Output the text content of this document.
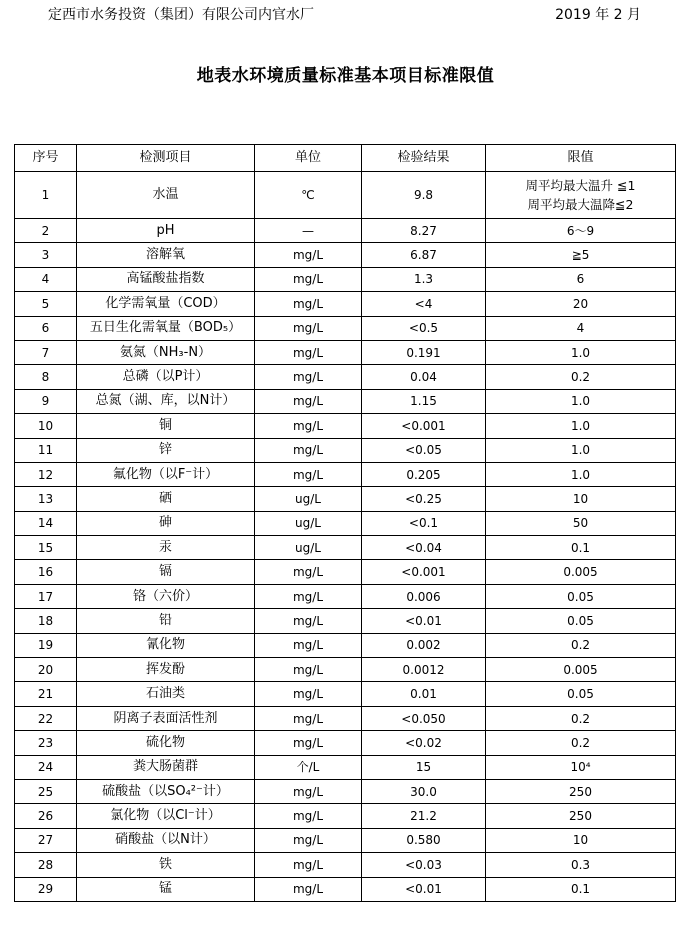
定西市水务投资（集团）有限公司内官水厂	2019 年 2 月
地表水环境质量标准基本项目标准限值
序号	检测项目	单位	检验结果	限值
1	水温	℃	9.8	周平均最大温升 ≦1
周平均最大温降≦2

2	pH	—	8.27	6～9
3	溶解氧	mg/L	6.87	≧5
4	高锰酸盐指数	mg/L	1.3	6
5	化学需氧量（COD）	mg/L	<4	20
6	五日生化需氧量（BOD₅）	mg/L	<0.5	4
7	氨氮（NH₃-N）	mg/L	0.191	1.0
8	总磷（以P计）	mg/L	0.04	0.2
9	总氮（湖、库，以N计）	mg/L	1.15	1.0
10	铜	mg/L	<0.001	1.0
11	锌	mg/L	<0.05	1.0
12	氟化物（以F⁻计）	mg/L	0.205	1.0
13	硒	ug/L	<0.25	10
14	砷	ug/L	<0.1	50
15	汞	ug/L	<0.04	0.1
16	镉	mg/L	<0.001	0.005
17	铬（六价）	mg/L	0.006	0.05
18	铅	mg/L	<0.01	0.05
19	氰化物	mg/L	0.002	0.2
20	挥发酚	mg/L	0.0012	0.005
21	石油类	mg/L	0.01	0.05
22	阴离子表面活性剂	mg/L	<0.050	0.2
23	硫化物	mg/L	<0.02	0.2
24	粪大肠菌群	个/L	15	10⁴
25	硫酸盐（以SO₄²⁻计）	mg/L	30.0	250
26	氯化物（以Cl⁻计）	mg/L	21.2	250
27	硝酸盐（以N计）	mg/L	0.580	10
28	铁	mg/L	<0.03	0.3
29	锰	mg/L	<0.01	0.1
